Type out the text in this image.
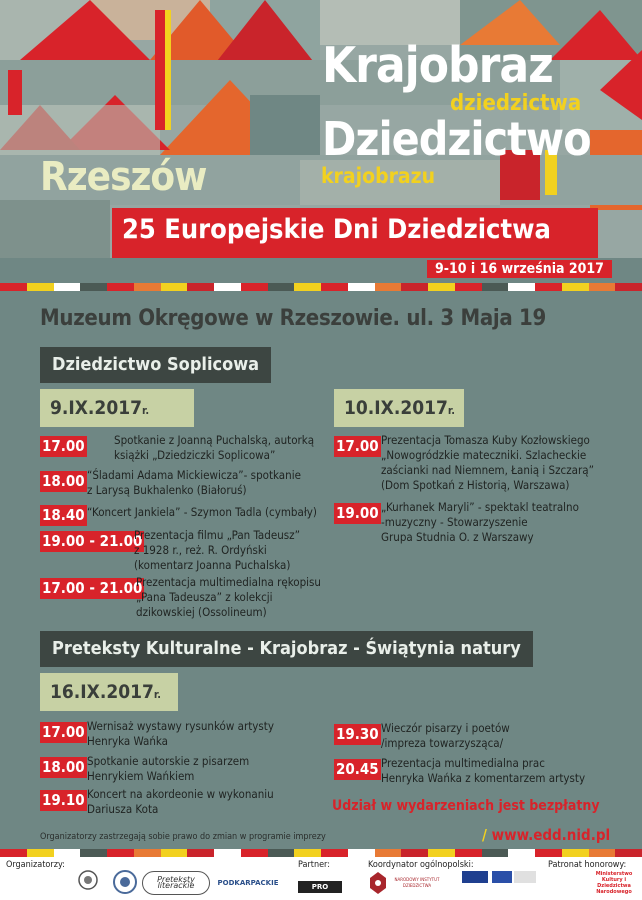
Krajobraz
dziedzictwa
Dziedzictwo
krajobrazu
Rzeszów
25 Europejskie Dni Dziedzictwa
9-10 i 16 września 2017
Muzeum Okręgowe w Rzeszowie. ul. 3 Maja 19
Dziedzictwo Soplicowa
9.IX.2017r.	10.IX.2017r.
17.00	Spotkanie z Joanną Puchalską, autorką
książki „Dziedziczki Soplicowa”
18.00 “Śladami Adama Mickiewicza”- spotkanie
z Larysą Bukhalenko (Białoruś)
18.40 “Koncert Jankiela” - Szymon Tadla (cymbały)
19.00 - 21.00
Prezentacja filmu „Pan Tadeusz”
z 1928 r., reż. R. Ordyński
(komentarz Joanna Puchalska)
17.00 - 21.00
Prezentacja multimedialna rękopisu
„Pana Tadeusza” z kolekcji
dzikowskiej (Ossolineum)
17.00 Prezentacja Tomasza Kuby Kozłowskiego
„Nowogródzkie mateczniki. Szlacheckie
zaścianki nad Niemnem, Łanią i Szczarą”
(Dom Spotkań z Historią, Warszawa)
19.00 „Kurhanek Maryli” - spektakl teatralno
-muzyczny - Stowarzyszenie
Grupa Studnia O. z Warszawy
Preteksty Kulturalne - Krajobraz - Świątynia natury
16.IX.2017r.
17.00 Wernisaż wystawy rysunków artysty
Henryka Wańka
18.00 Spotkanie autorskie z pisarzem
Henrykiem Wańkiem
19.10 Koncert na akordeonie w wykonaniu
Dariusza Kota
19.30 Wieczór pisarzy i poetów
/impreza towarzysząca/
20.45 Prezentacja multimedialna prac
Henryka Wańka z komentarzem artysty
Udział w wydarzeniach jest bezpłatny
/ www.edd.nid.pl
Organizatorzy zastrzegają sobie prawo do zmian w programie imprezy
Organizatorzy:	Partner:	Koordynator ogólnopolski:	Patronat honorowy:
Preteksty literackie	PODKARPACKIE	PRO
NARODOWY INSTYTUT DZIEDZICTWA
Ministerstwo Kultury i Dziedzictwa Narodowego
